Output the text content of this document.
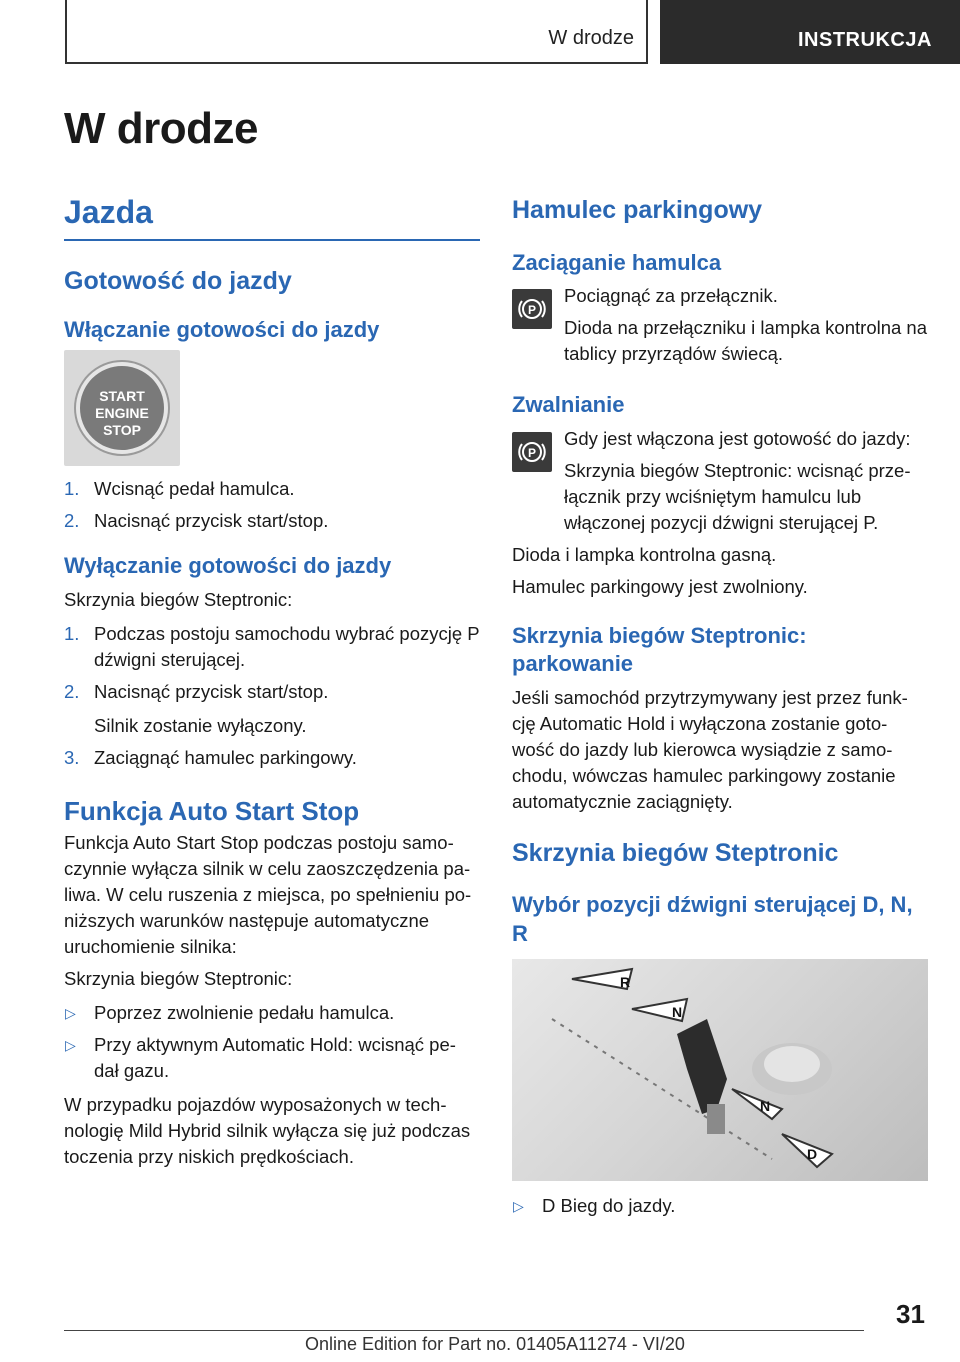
W drodze	INSTRUKCJA
W drodze
Jazda
Gotowość do jazdy
Włączanie gotowości do jazdy
START
ENGINE
STOP
1. Wcisnąć pedał hamulca.
2. Nacisnąć przycisk start/stop.
Wyłączanie gotowości do jazdy

Skrzynia biegów Steptronic:

1. Podczas postoju samochodu wybrać pozycję P dźwigni sterującej.
2. Nacisnąć przycisk start/stop.
Silnik zostanie wyłączony.
3. Zaciągnąć hamulec parkingowy.
Funkcja Auto Start Stop

Funkcja Auto Start Stop podczas postoju samo-czynnie wyłącza silnik w celu zaoszczędzenia pa-liwa. W celu ruszenia z miejsca, po spełnieniu po-niższych warunków następuje automatyczne uruchomienie silnika:

Skrzynia biegów Steptronic:

▷ Poprzez zwolnienie pedału hamulca.
▷ Przy aktywnym Automatic Hold: wcisnąć pe-dał gazu.

W przypadku pojazdów wyposażonych w tech-nologię Mild Hybrid silnik wyłącza się już podczas toczenia przy niskich prędkościach.

Hamulec parkingowy
Zaciąganie hamulca
P

Pociągnąć za przełącznik.

Dioda na przełączniku i lampka kontrolna na tablicy przyrządów świecą.

Zwalnianie
P

Gdy jest włączona jest gotowość do jazdy:

Skrzynia biegów Steptronic: wcisnąć prze-łącznik przy wciśniętym hamulcu lub włączonej pozycji dźwigni sterującej P.

Dioda i lampka kontrolna gasną.

Hamulec parkingowy jest zwolniony.

Skrzynia biegów Steptronic: parkowanie

Jeśli samochód przytrzymywany jest przez funk-cję Automatic Hold i wyłączona zostanie goto-wość do jazdy lub kierowca wysiądzie z samo-chodu, wówczas hamulec parkingowy zostanie automatycznie zaciągnięty.

Skrzynia biegów Steptronic
Wybór pozycji dźwigni sterującej D, N, R
R
N
N
D
▷ D Bieg do jazdy.
31
Online Edition for Part no. 01405A11274 - VI/20
